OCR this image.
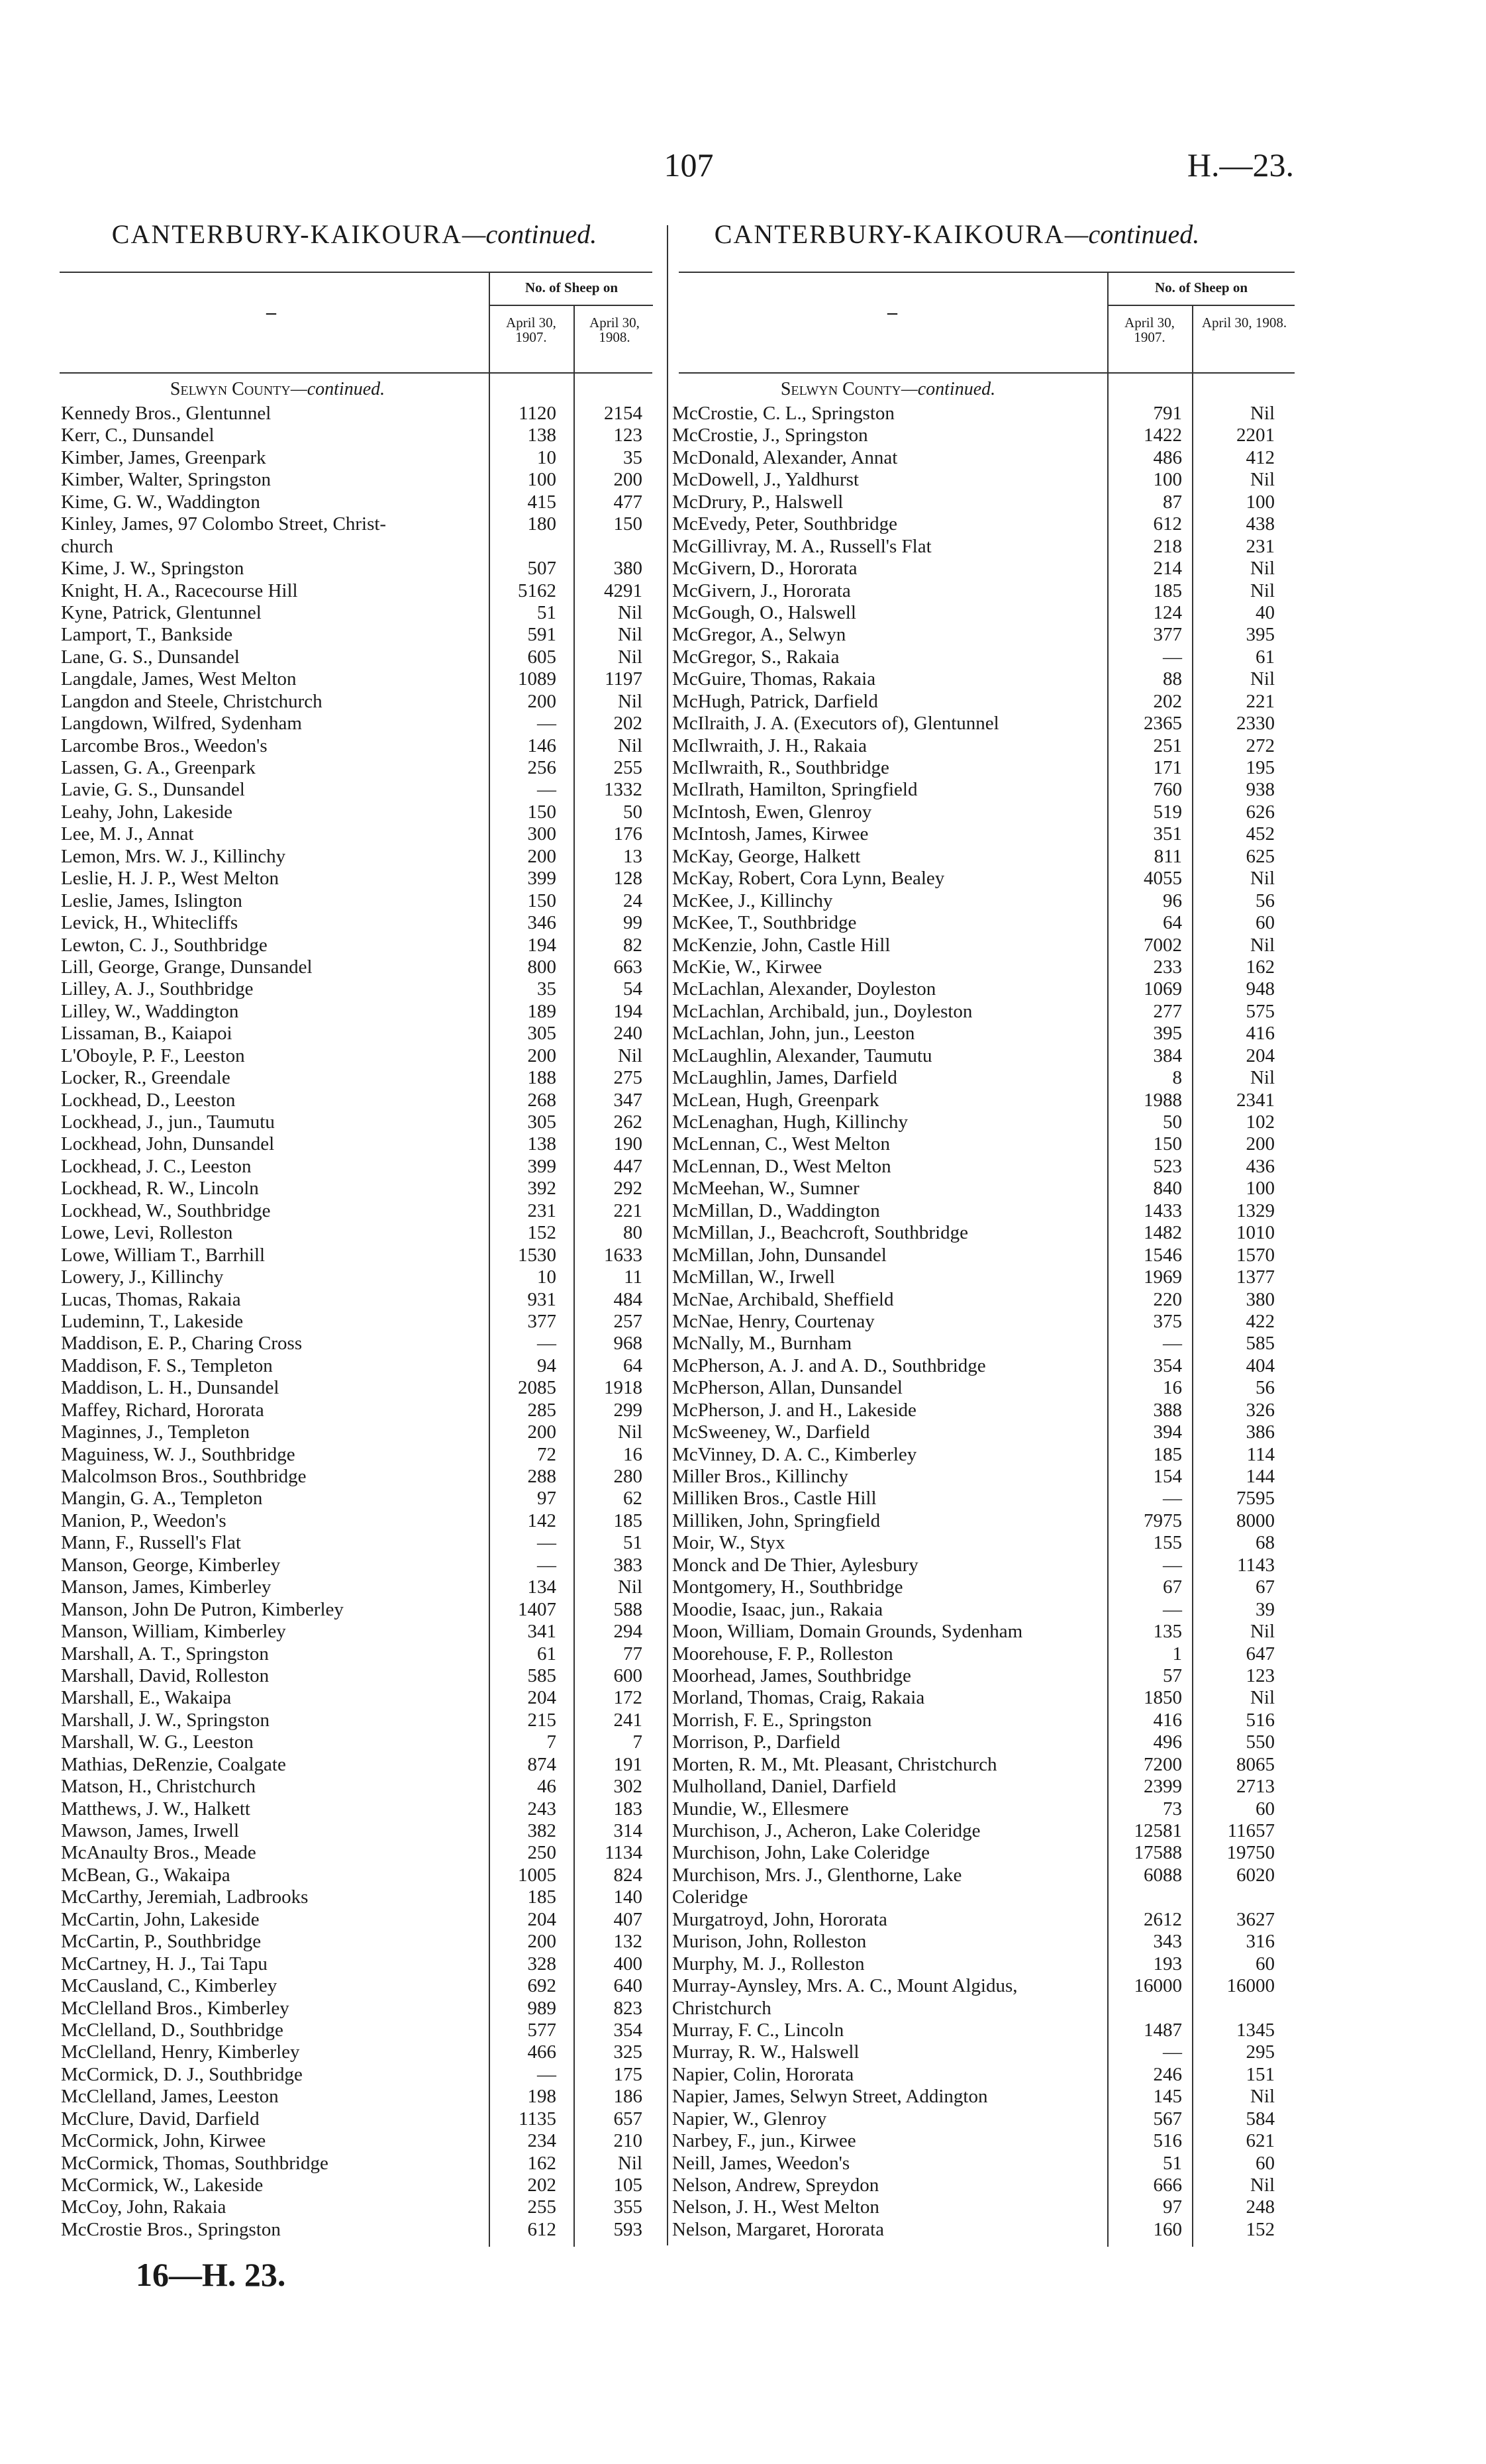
107	H.—23.
CANTERBURY-KAIKOURA—continued.	CANTERBURY-KAIKOURA—continued.
–
No. of Sheep on
April 30, 1907.
April 30, 1908.
–
No. of Sheep on
April 30, 1907.
April 30, 1908.
Selwyn County—continued.	Selwyn County—continued.
Kennedy Bros., Glentunnel	1120	2154
Kerr, C., Dunsandel	138	123
Kimber, James, Greenpark	10	35
Kimber, Walter, Springston	100	200
Kime, G. W., Waddington	415	477
Kinley, James, 97 Colombo Street, Christ-	180	150
church
Kime, J. W., Springston	507	380
Knight, H. A., Racecourse Hill	5162	4291
Kyne, Patrick, Glentunnel	51	Nil
Lamport, T., Bankside	591	Nil
Lane, G. S., Dunsandel	605	Nil
Langdale, James, West Melton	1089	1197
Langdon and Steele, Christchurch	200	Nil
Langdown, Wilfred, Sydenham	—	202
Larcombe Bros., Weedon's	146	Nil
Lassen, G. A., Greenpark	256	255
Lavie, G. S., Dunsandel	—	1332
Leahy, John, Lakeside	150	50
Lee, M. J., Annat	300	176
Lemon, Mrs. W. J., Killinchy	200	13
Leslie, H. J. P., West Melton	399	128
Leslie, James, Islington	150	24
Levick, H., Whitecliffs	346	99
Lewton, C. J., Southbridge	194	82
Lill, George, Grange, Dunsandel	800	663
Lilley, A. J., Southbridge	35	54
Lilley, W., Waddington	189	194
Lissaman, B., Kaiapoi	305	240
L'Oboyle, P. F., Leeston	200	Nil
Locker, R., Greendale	188	275
Lockhead, D., Leeston	268	347
Lockhead, J., jun., Taumutu	305	262
Lockhead, John, Dunsandel	138	190
Lockhead, J. C., Leeston	399	447
Lockhead, R. W., Lincoln	392	292
Lockhead, W., Southbridge	231	221
Lowe, Levi, Rolleston	152	80
Lowe, William T., Barrhill	1530	1633
Lowery, J., Killinchy	10	11
Lucas, Thomas, Rakaia	931	484
Ludeminn, T., Lakeside	377	257
Maddison, E. P., Charing Cross	—	968
Maddison, F. S., Templeton	94	64
Maddison, L. H., Dunsandel	2085	1918
Maffey, Richard, Hororata	285	299
Maginnes, J., Templeton	200	Nil
Maguiness, W. J., Southbridge	72	16
Malcolmson Bros., Southbridge	288	280
Mangin, G. A., Templeton	97	62
Manion, P., Weedon's	142	185
Mann, F., Russell's Flat	—	51
Manson, George, Kimberley	—	383
Manson, James, Kimberley	134	Nil
Manson, John De Putron, Kimberley	1407	588
Manson, William, Kimberley	341	294
Marshall, A. T., Springston	61	77
Marshall, David, Rolleston	585	600
Marshall, E., Wakaipa	204	172
Marshall, J. W., Springston	215	241
Marshall, W. G., Leeston	7	7
Mathias, DeRenzie, Coalgate	874	191
Matson, H., Christchurch	46	302
Matthews, J. W., Halkett	243	183
Mawson, James, Irwell	382	314
McAnaulty Bros., Meade	250	1134
McBean, G., Wakaipa	1005	824
McCarthy, Jeremiah, Ladbrooks	185	140
McCartin, John, Lakeside	204	407
McCartin, P., Southbridge	200	132
McCartney, H. J., Tai Tapu	328	400
McCausland, C., Kimberley	692	640
McClelland Bros., Kimberley	989	823
McClelland, D., Southbridge	577	354
McClelland, Henry, Kimberley	466	325
McCormick, D. J., Southbridge	—	175
McClelland, James, Leeston	198	186
McClure, David, Darfield	1135	657
McCormick, John, Kirwee	234	210
McCormick, Thomas, Southbridge	162	Nil
McCormick, W., Lakeside	202	105
McCoy, John, Rakaia	255	355
McCrostie Bros., Springston	612	593
McCrostie, C. L., Springston	791	Nil
McCrostie, J., Springston	1422	2201
McDonald, Alexander, Annat	486	412
McDowell, J., Yaldhurst	100	Nil
McDrury, P., Halswell	87	100
McEvedy, Peter, Southbridge	612	438
McGillivray, M. A., Russell's Flat	218	231
McGivern, D., Hororata	214	Nil
McGivern, J., Hororata	185	Nil
McGough, O., Halswell	124	40
McGregor, A., Selwyn	377	395
McGregor, S., Rakaia	—	61
McGuire, Thomas, Rakaia	88	Nil
McHugh, Patrick, Darfield	202	221
McIlraith, J. A. (Executors of), Glentunnel	2365	2330
McIlwraith, J. H., Rakaia	251	272
McIlwraith, R., Southbridge	171	195
McIlrath, Hamilton, Springfield	760	938
McIntosh, Ewen, Glenroy	519	626
McIntosh, James, Kirwee	351	452
McKay, George, Halkett	811	625
McKay, Robert, Cora Lynn, Bealey	4055	Nil
McKee, J., Killinchy	96	56
McKee, T., Southbridge	64	60
McKenzie, John, Castle Hill	7002	Nil
McKie, W., Kirwee	233	162
McLachlan, Alexander, Doyleston	1069	948
McLachlan, Archibald, jun., Doyleston	277	575
McLachlan, John, jun., Leeston	395	416
McLaughlin, Alexander, Taumutu	384	204
McLaughlin, James, Darfield	8	Nil
McLean, Hugh, Greenpark	1988	2341
McLenaghan, Hugh, Killinchy	50	102
McLennan, C., West Melton	150	200
McLennan, D., West Melton	523	436
McMeehan, W., Sumner	840	100
McMillan, D., Waddington	1433	1329
McMillan, J., Beachcroft, Southbridge	1482	1010
McMillan, John, Dunsandel	1546	1570
McMillan, W., Irwell	1969	1377
McNae, Archibald, Sheffield	220	380
McNae, Henry, Courtenay	375	422
McNally, M., Burnham	—	585
McPherson, A. J. and A. D., Southbridge	354	404
McPherson, Allan, Dunsandel	16	56
McPherson, J. and H., Lakeside	388	326
McSweeney, W., Darfield	394	386
McVinney, D. A. C., Kimberley	185	114
Miller Bros., Killinchy	154	144
Milliken Bros., Castle Hill	—	7595
Milliken, John, Springfield	7975	8000
Moir, W., Styx	155	68
Monck and De Thier, Aylesbury	—	1143
Montgomery, H., Southbridge	67	67
Moodie, Isaac, jun., Rakaia	—	39
Moon, William, Domain Grounds, Sydenham	135	Nil
Moorehouse, F. P., Rolleston	1	647
Moorhead, James, Southbridge	57	123
Morland, Thomas, Craig, Rakaia	1850	Nil
Morrish, F. E., Springston	416	516
Morrison, P., Darfield	496	550
Morten, R. M., Mt. Pleasant, Christchurch	7200	8065
Mulholland, Daniel, Darfield	2399	2713
Mundie, W., Ellesmere	73	60
Murchison, J., Acheron, Lake Coleridge	12581	11657
Murchison, John, Lake Coleridge	17588	19750
Murchison, Mrs. J., Glenthorne, Lake	6088	6020
Coleridge
Murgatroyd, John, Hororata	2612	3627
Murison, John, Rolleston	343	316
Murphy, M. J., Rolleston	193	60
Murray-Aynsley, Mrs. A. C., Mount Algidus,	16000	16000
Christchurch
Murray, F. C., Lincoln	1487	1345
Murray, R. W., Halswell	—	295
Napier, Colin, Hororata	246	151
Napier, James, Selwyn Street, Addington	145	Nil
Napier, W., Glenroy	567	584
Narbey, F., jun., Kirwee	516	621
Neill, James, Weedon's	51	60
Nelson, Andrew, Spreydon	666	Nil
Nelson, J. H., West Melton	97	248
Nelson, Margaret, Hororata	160	152
16—H. 23.
